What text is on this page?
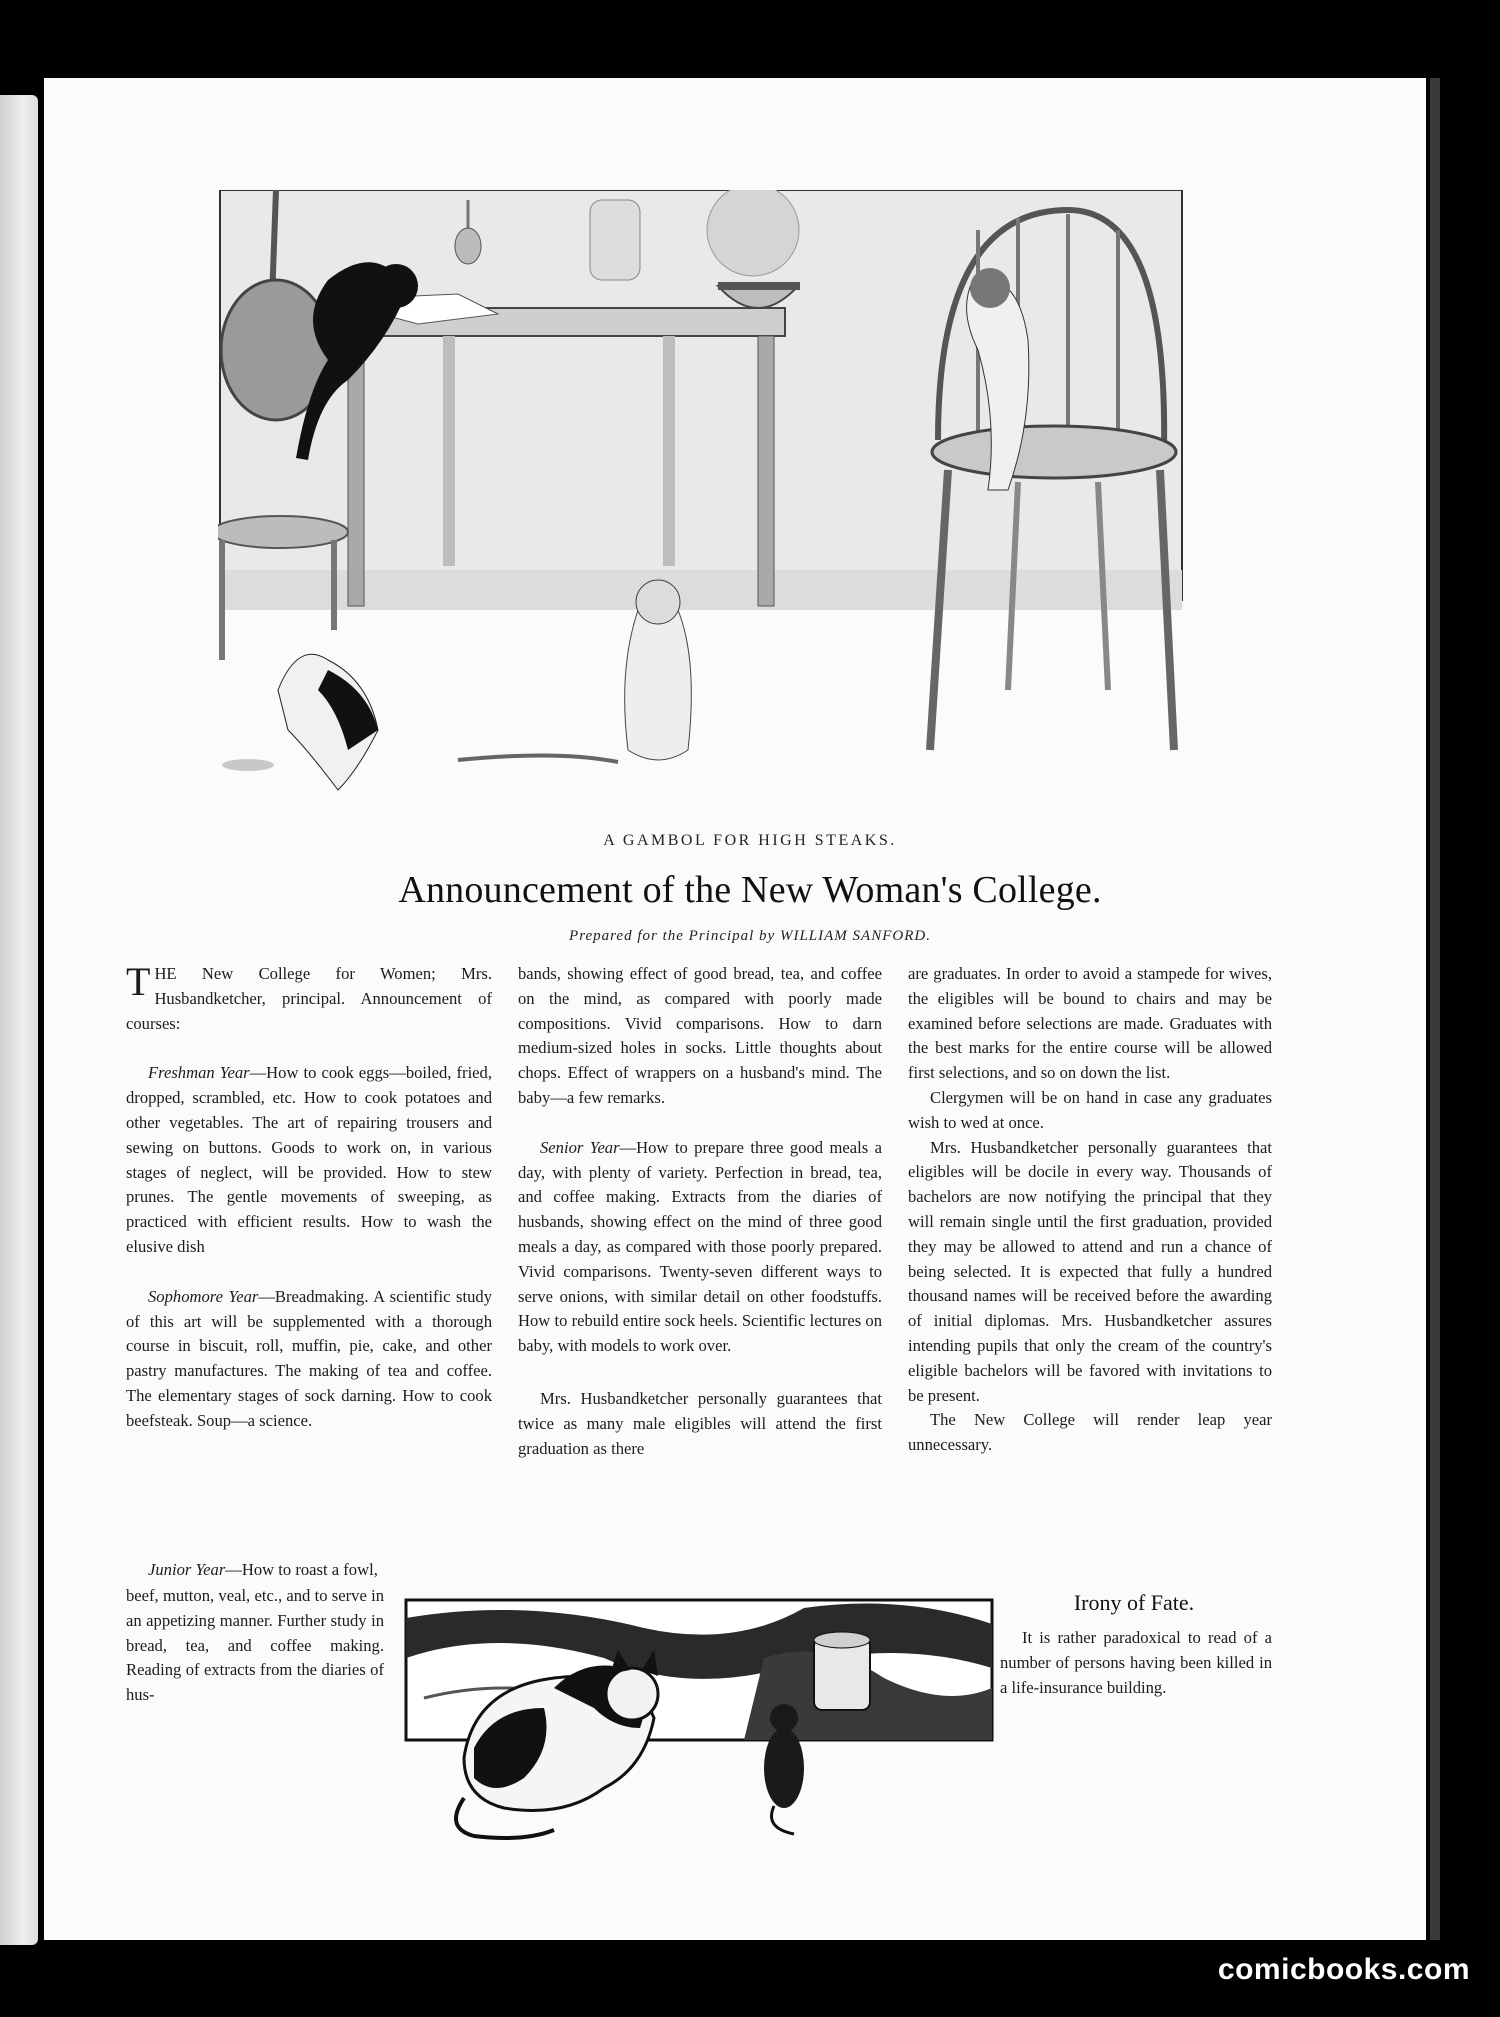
A GAMBOL FOR HIGH STEAKS.
Announcement of the New Woman's College.
Prepared for the Principal by WILLIAM SANFORD.

THE New College for Women; Mrs. Husbandketcher, principal. Announcement of courses:

Freshman Year—How to cook eggs—boiled, fried, dropped, scrambled, etc. How to cook potatoes and other vegetables. The art of repairing trousers and sewing on buttons. Goods to work on, in various stages of neglect, will be provided. How to stew prunes. The gentle movements of sweeping, as practiced with efficient results. How to wash the elusive dish

Sophomore Year—Breadmaking. A scientific study of this art will be supplemented with a thorough course in biscuit, roll, muffin, pie, cake, and other pastry manufactures. The making of tea and coffee. The elementary stages of sock darning. How to cook beefsteak. Soup—a science.

Junior Year—How to roast a fowl,

beef, mutton, veal, etc., and to serve in an appetizing manner. Further study in bread, tea, and coffee making. Reading of extracts from the diaries of hus-

bands, showing effect of good bread, tea, and coffee on the mind, as compared with poorly made compositions. Vivid comparisons. How to darn medium-sized holes in socks. Little thoughts about chops. Effect of wrappers on a husband's mind. The baby—a few remarks.

Senior Year—How to prepare three good meals a day, with plenty of variety. Perfection in bread, tea, and coffee making. Extracts from the diaries of husbands, showing effect on the mind of three good meals a day, as compared with those poorly prepared. Vivid comparisons. Twenty-seven different ways to serve onions, with similar detail on other foodstuffs. How to rebuild entire sock heels. Scientific lectures on baby, with models to work over.

Mrs. Husbandketcher personally guarantees that twice as many male eligibles will attend the first graduation as there

are graduates. In order to avoid a stampede for wives, the eligibles will be bound to chairs and may be examined before selections are made. Graduates with the best marks for the entire course will be allowed first selections, and so on down the list.

Clergymen will be on hand in case any graduates wish to wed at once.

Mrs. Husbandketcher personally guarantees that eligibles will be docile in every way. Thousands of bachelors are now notifying the principal that they will remain single until the first graduation, provided they may be allowed to attend and run a chance of being selected. It is expected that fully a hundred thousand names will be received before the awarding of initial diplomas. Mrs. Husbandketcher assures intending pupils that only the cream of the country's eligible bachelors will be favored with invitations to be present.

The New College will render leap year unnecessary.

Irony of Fate.
It is rather paradoxical to read of a number of persons having been killed in a life-insurance building.
comicbooks.com
